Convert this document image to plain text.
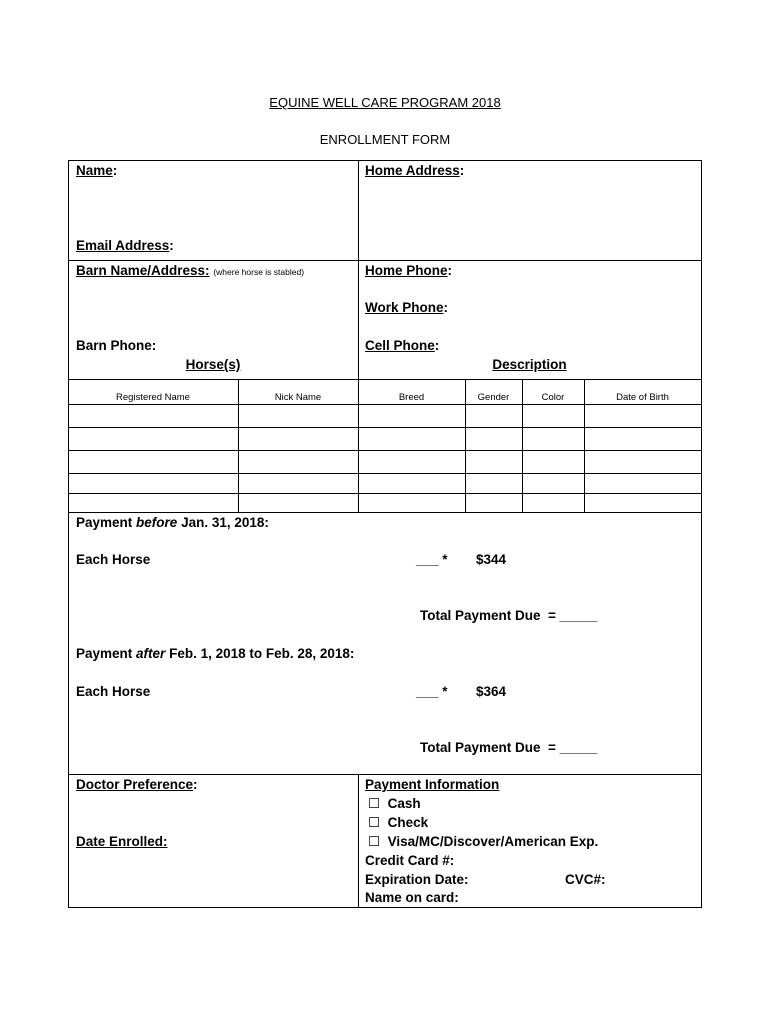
EQUINE WELL CARE PROGRAM 2018
ENROLLMENT FORM
Name:	Home Address:
Email Address:
Barn Name/Address: (where horse is stabled)	Home Phone:
Work Phone:
Barn Phone:	Cell Phone:
Horse(s)	Description
Registered Name	Nick Name	Breed	Gender	Color	Date of Birth
Payment before Jan. 31, 2018:
Each Horse	___ * $344
Total Payment Due  = _____
Payment after Feb. 1, 2018 to Feb. 28, 2018:
Each Horse	___ * $364
Total Payment Due  = _____
Doctor Preference:
Date Enrolled:
Payment Information
☐ Cash
☐ Check
☐ Visa/MC/Discover/American Exp.
Credit Card #:
Expiration Date:	CVC#:
Name on card:
